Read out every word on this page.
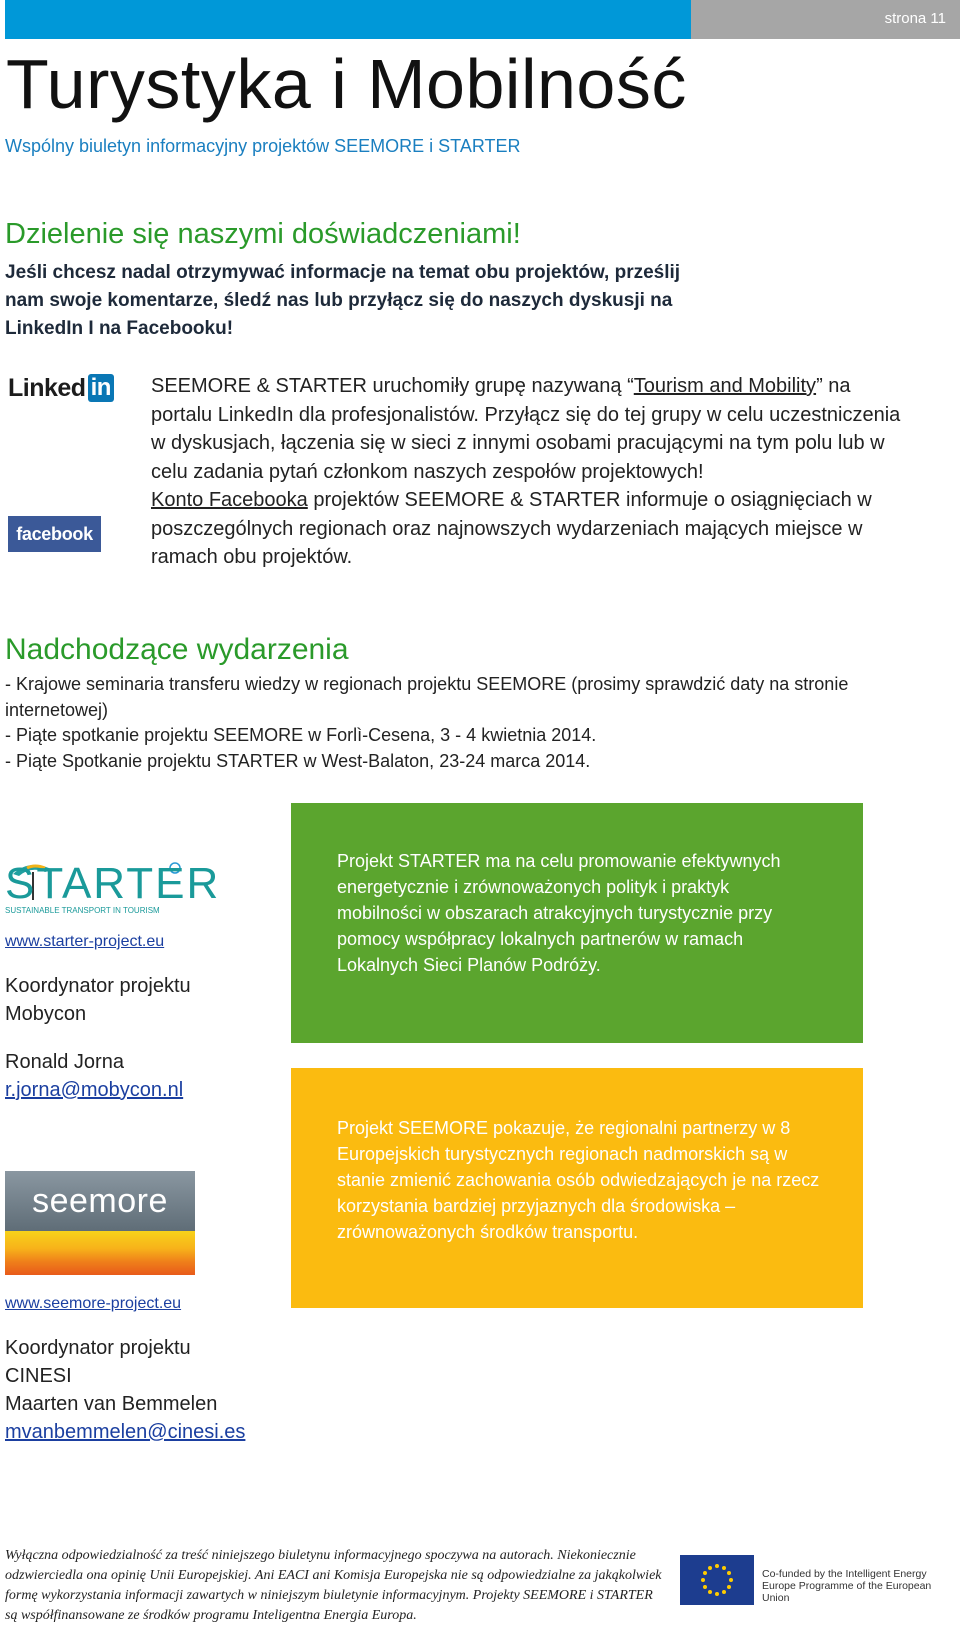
strona 11
Turystyka i Mobilność
Wspólny biuletyn informacyjny projektów SEEMORE i STARTER
Dzielenie się naszymi doświadczeniami!
Jeśli chcesz nadal otrzymywać informacje na temat obu projektów, prześlij nam swoje komentarze, śledź nas lub przyłącz się do naszych dyskusji na LinkedIn I na Facebooku!
Linked in
facebook
SEEMORE & STARTER uruchomiły grupę nazywaną “Tourism and Mobility” na portalu LinkedIn dla profesjonalistów. Przyłącz się do tej grupy w celu uczestniczenia w dyskusjach, łączenia się w sieci z innymi osobami pracującymi na tym polu lub w celu zadania pytań członkom naszych zespołów projektowych!
Konto Facebooka projektów SEEMORE & STARTER informuje o osiągnięciach w poszczególnych regionach oraz najnowszych wydarzeniach mających miejsce w ramach obu projektów.
Nadchodzące wydarzenia
- Krajowe seminaria transferu wiedzy w regionach projektu SEEMORE (prosimy sprawdzić daty na stronie internetowej)
- Piąte spotkanie projektu SEEMORE w Forlì-Cesena, 3 - 4 kwietnia 2014.
- Piąte Spotkanie projektu STARTER w West-Balaton, 23-24 marca 2014.
STARTER
SUSTAINABLE TRANSPORT IN TOURISM
www.starter-project.eu
Koordynator projektu
Mobycon
Ronald Jorna
r.jorna@mobycon.nl
Projekt STARTER ma na celu promowanie efektywnych energetycznie i zrównoważonych polityk i praktyk mobilności w obszarach atrakcyjnych turystycznie przy pomocy współpracy lokalnych partnerów w ramach Lokalnych Sieci Planów Podróży.
Projekt SEEMORE pokazuje, że regionalni partnerzy w 8 Europejskich turystycznych regionach nadmorskich są w stanie zmienić zachowania osób odwiedzających je na rzecz korzystania bardziej przyjaznych dla środowiska – zrównoważonych środków transportu.
seemore
www.seemore-project.eu
Koordynator projektu
CINESI
Maarten van Bemmelen
mvanbemmelen@cinesi.es
Wyłączna odpowiedzialność za treść niniejszego biuletynu informacyjnego spoczywa na autorach. Niekoniecznie odzwierciedla ona opinię Unii Europejskiej. Ani EACI ani Komisja Europejska nie są odpowiedzialne za jakąkolwiek formę wykorzystania informacji zawartych w niniejszym biuletynie informacyjnym. Projekty SEEMORE i STARTER są współfinansowane ze środków programu Inteligentna Energia Europa.
Co-funded by the Intelligent Energy Europe Programme of the European Union
